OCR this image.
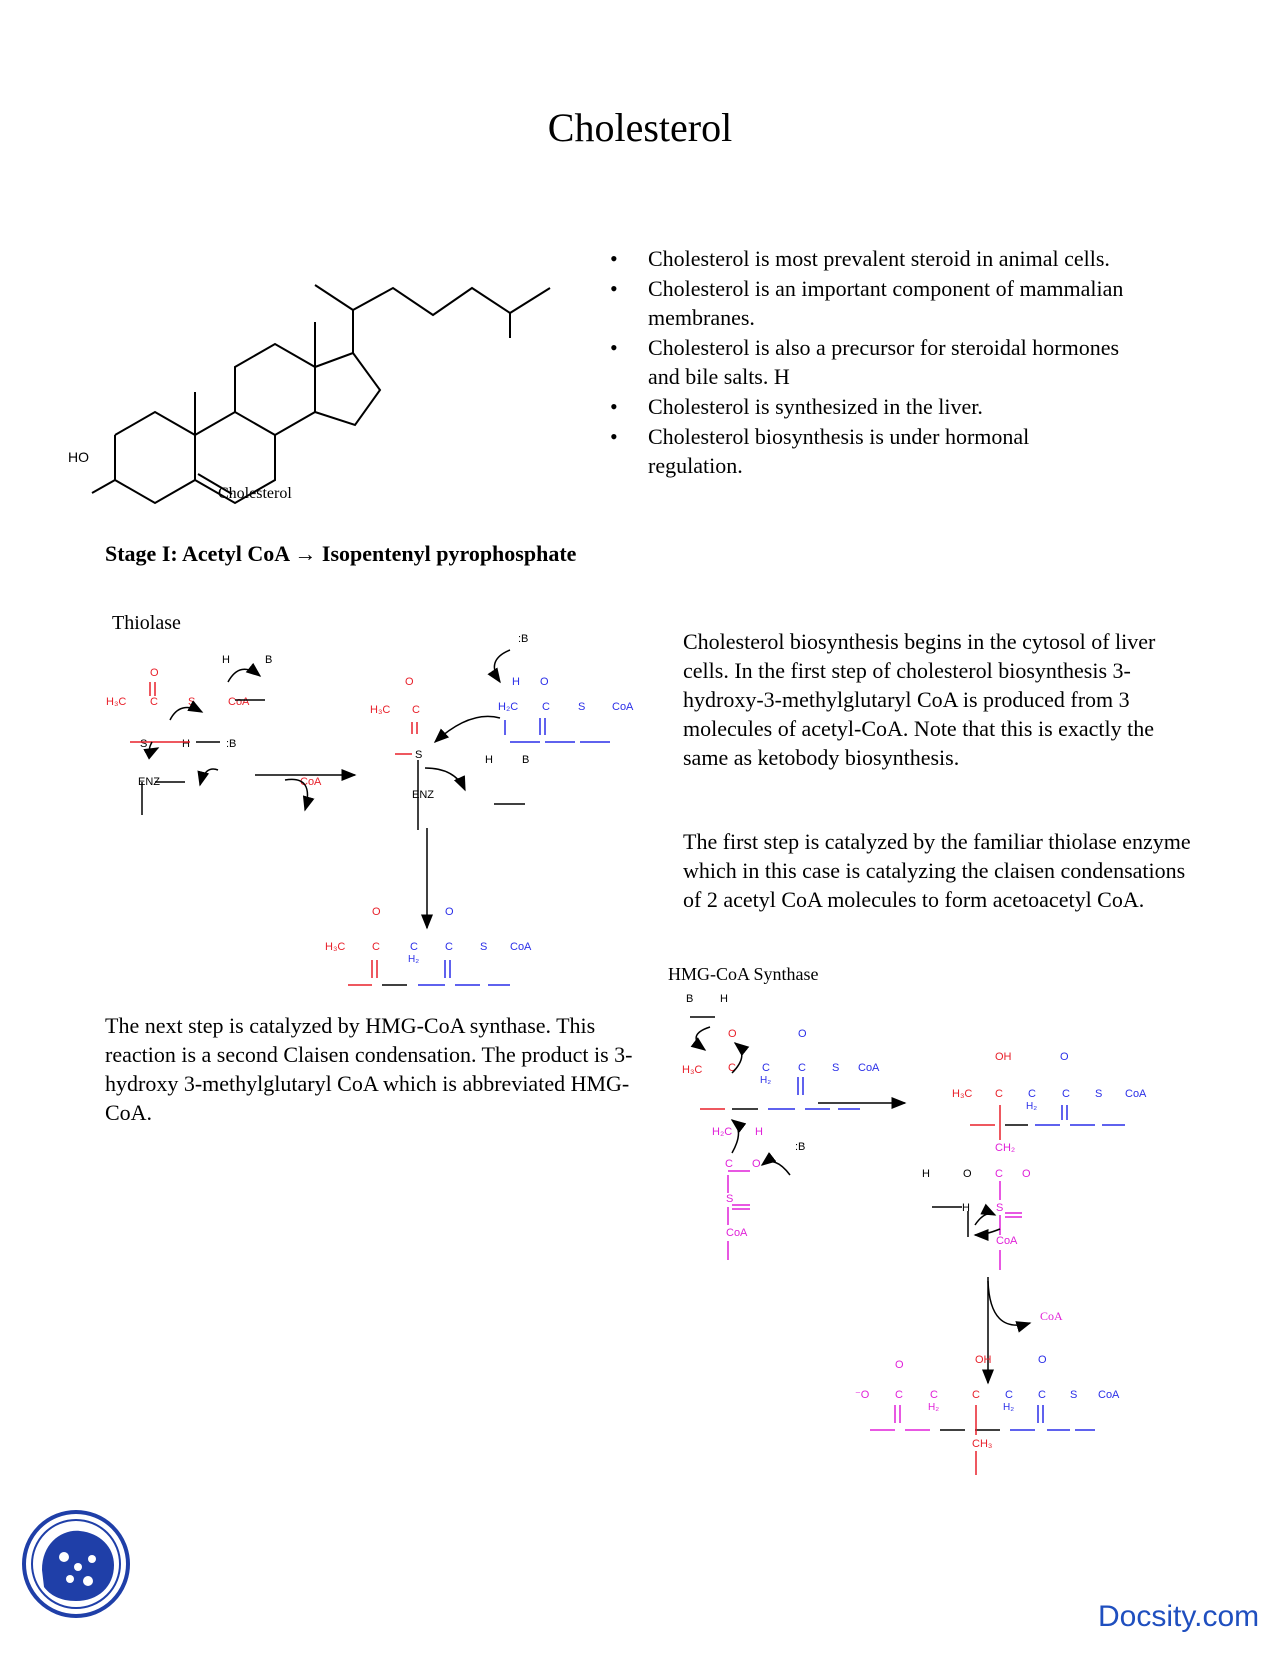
Cholesterol
• Cholesterol is most prevalent steroid in animal cells.
• Cholesterol is an important component of mammalian membranes.
• Cholesterol is also a precursor for steroidal hormones and bile salts. H
• Cholesterol is synthesized in the liver.
• Cholesterol biosynthesis is under hormonal regulation.
HO
Cholesterol
Stage I: Acetyl CoA → Isopentenyl pyrophosphate
Thiolase
H	B
O
H₃C C	S	CoA
S	H	:B
ENZ	CoA
:B
O
H₃C C
H O
H₂C C	S CoA
S	H	B
ENZ
O	O
H₃C C	C
H₂
C S CoA
Cholesterol biosynthesis begins in the cytosol of liver cells. In the first step of cholesterol biosynthesis 3-hydroxy-3-methylglutaryl CoA is produced from 3 molecules of acetyl-CoA. Note that this is exactly the same as ketobody biosynthesis.
The first step is catalyzed by the familiar thiolase enzyme which in this case is catalyzing the claisen condensations of 2 acetyl CoA molecules to form acetoacetyl CoA.
The next step is catalyzed by HMG-CoA synthase. This reaction is a second Claisen condensation. The product is 3-hydroxy 3-methylglutaryl CoA which is abbreviated HMG-CoA.
HMG-CoA Synthase
B H
O	O
H₃C C C
H₂
C S CoA
H₂C H
:B
C O
S
CoA
OH	O
H₃C C C
H₂
C S CoA
CH₂
H	O C O
H S
CoA
CoA
O	OH	O
⁻O C C
H₂
C C
H₂
C S CoA
CH₃
Docsity.com
